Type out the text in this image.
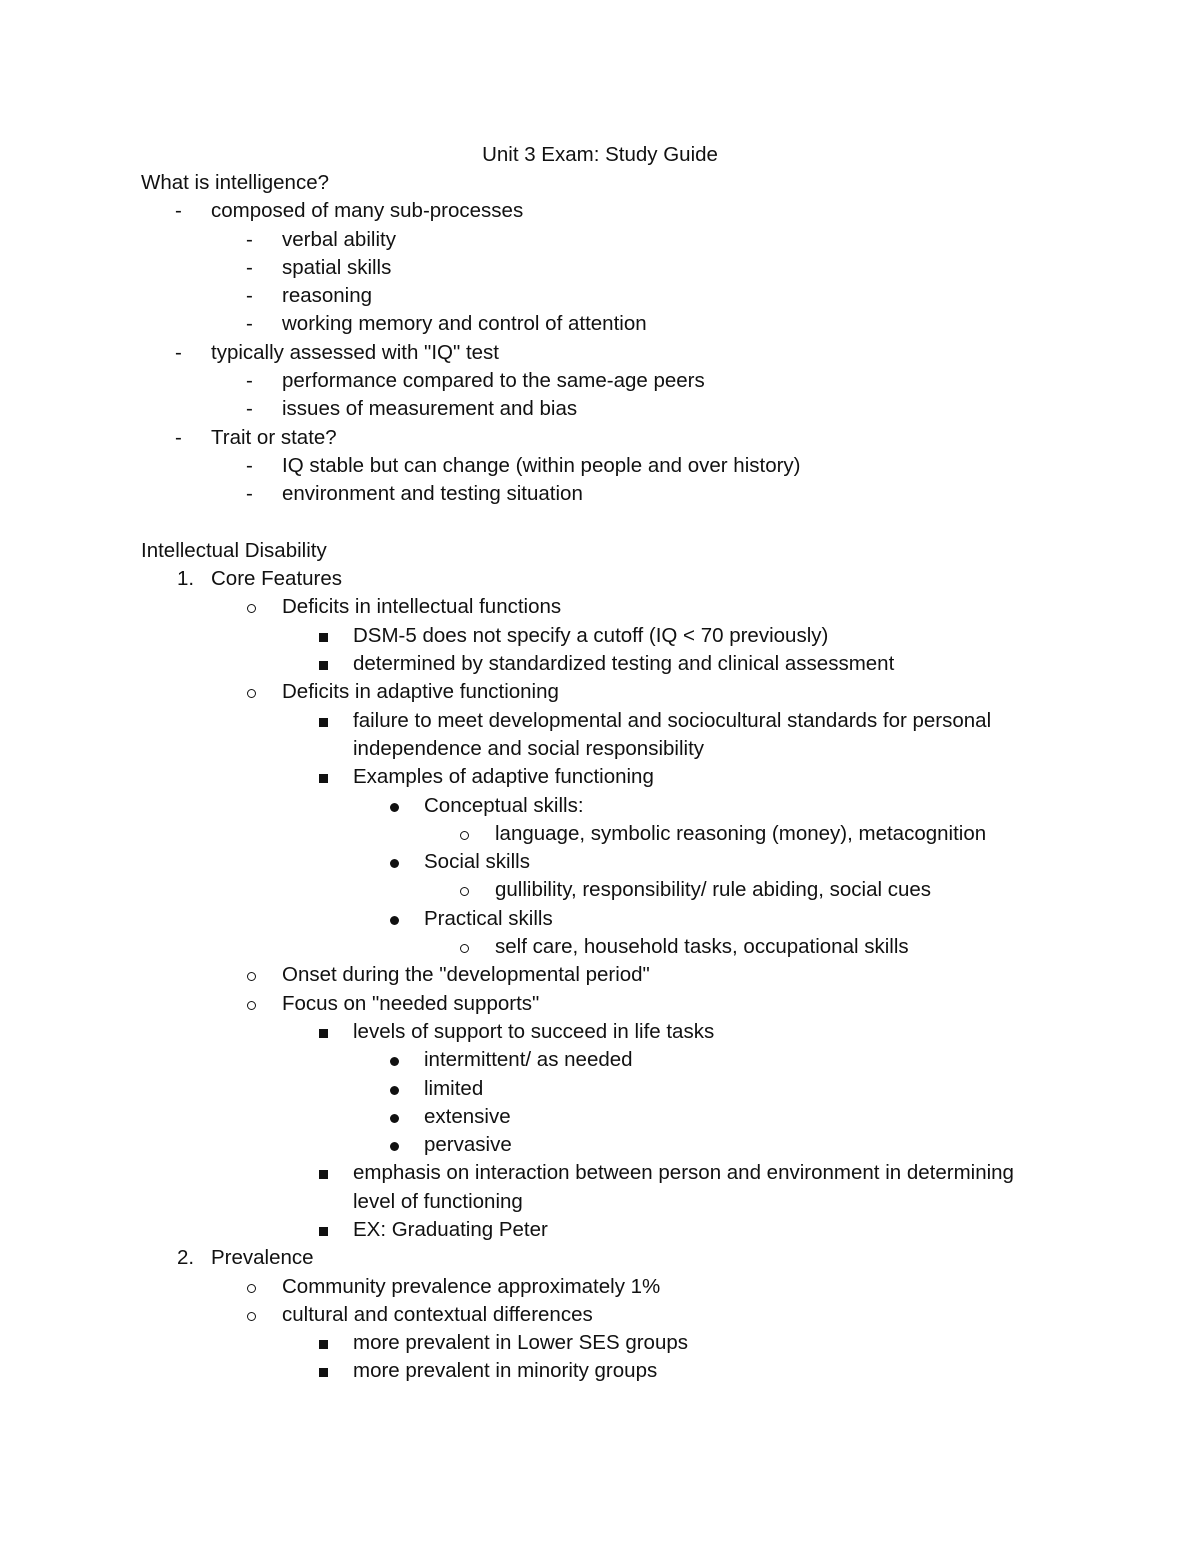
Unit 3 Exam: Study Guide
What is intelligence?
-	composed of many sub-processes
-	verbal ability
-	spatial skills
-	reasoning
-	working memory and control of attention
-	typically assessed with "IQ" test
-	performance compared to the same-age peers
-	issues of measurement and bias
-	Trait or state?
-	IQ stable but can change (within people and over history)
-	environment and testing situation
Intellectual Disability
1. Core Features
Deficits in intellectual functions
DSM-5 does not specify a cutoff (IQ < 70 previously)
determined by standardized testing and clinical assessment
Deficits in adaptive functioning
failure to meet developmental and sociocultural standards for personal independence and social responsibility
Examples of adaptive functioning
Conceptual skills:
language, symbolic reasoning (money), metacognition
Social skills
gullibility, responsibility/ rule abiding, social cues
Practical skills
self care, household tasks, occupational skills
Onset during the "developmental period"
Focus on "needed supports"
levels of support to succeed in life tasks
intermittent/ as needed
limited
extensive
pervasive
emphasis on interaction between person and environment in determining level of functioning
EX: Graduating Peter
2. Prevalence
Community prevalence approximately 1%
cultural and contextual differences
more prevalent in Lower SES groups
more prevalent in minority groups
